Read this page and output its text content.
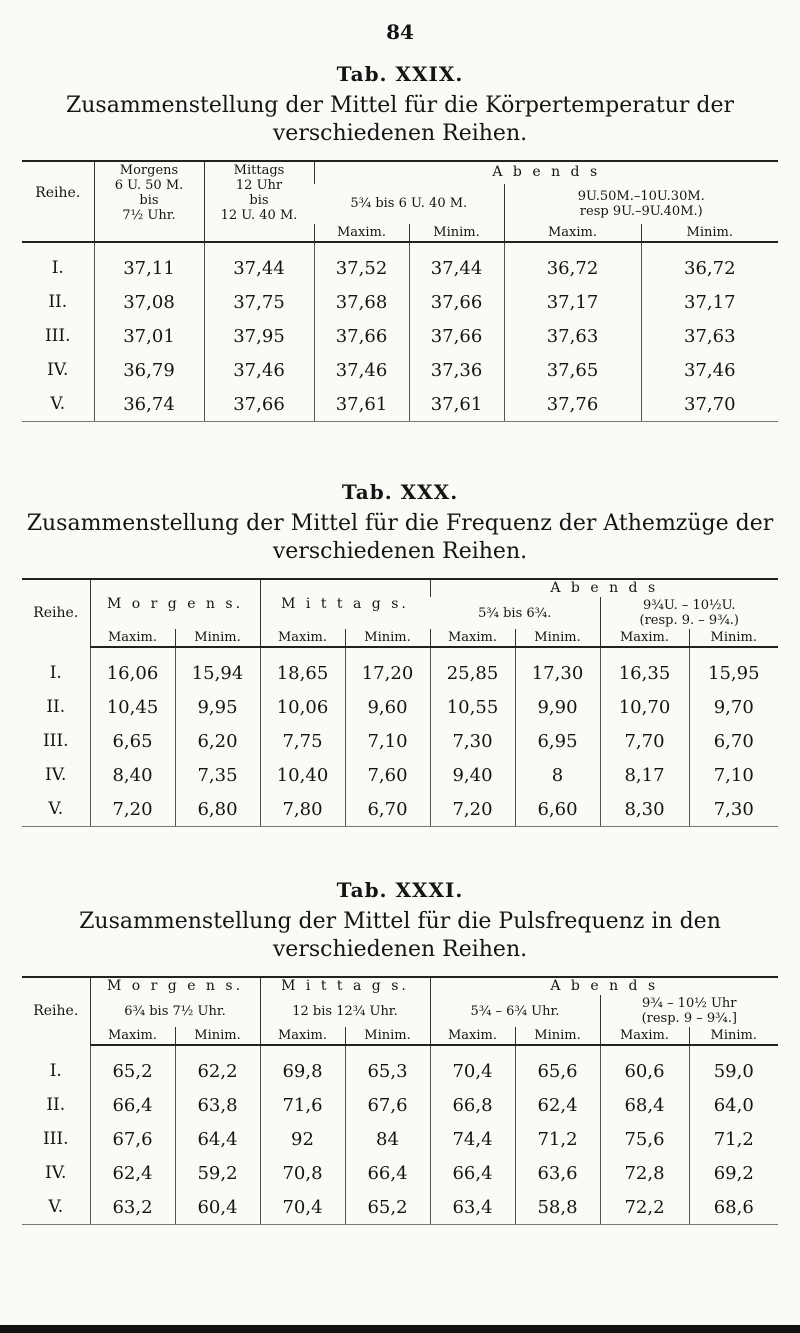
84

Tab. XXIX.

Zusammenstellung der Mittel für die Körpertemperatur der

verschiedenen Reihen.

Reihe.	Morgens
6 U. 50 M.
bis
7½ Uhr.	Mittags
12 Uhr
bis
12 U. 40 M.	A b e n d s			
			5¾ bis 6 U. 40 M.		9U.50M.–10U.30M.
resp 9U.–9U.40M.)	
			Maxim.	Minim.	Maxim.	Minim.
I.	37,11	37,44	37,52	37,44	36,72	36,72
II.	37,08	37,75	37,68	37,66	37,17	37,17
III.	37,01	37,95	37,66	37,66	37,63	37,63
IV.	36,79	37,46	37,46	37,36	37,65	37,46
V.	36,74	37,66	37,61	37,61	37,76	37,70

Tab. XXX.

Zusammenstellung der Mittel für die Frequenz der Athemzüge der

verschiedenen Reihen.

Reihe.	M o r g e n s.		M i t t a g s.		A b e n d s			
					5¾ bis 6¾.		9¾U. – 10½U.
(resp. 9. – 9¾.)	
	Maxim.	Minim.	Maxim.	Minim.	Maxim.	Minim.	Maxim.	Minim.
I.	16,06	15,94	18,65	17,20	25,85	17,30	16,35	15,95
II.	10,45	9,95	10,06	9,60	10,55	9,90	10,70	9,70
III.	6,65	6,20	7,75	7,10	7,30	6,95	7,70	6,70
IV.	8,40	7,35	10,40	7,60	9,40	8	8,17	7,10
V.	7,20	6,80	7,80	6,70	7,20	6,60	8,30	7,30

Tab. XXXI.

Zusammenstellung der Mittel für die Pulsfrequenz in den

verschiedenen Reihen.

Reihe.	M o r g e n s.		M i t t a g s.		A b e n d s			
	6¾ bis 7½ Uhr.		12 bis 12¾ Uhr.		5¾ – 6¾ Uhr.		9¾ – 10½ Uhr
(resp. 9 – 9¾.]	
	Maxim.	Minim.	Maxim.	Minim.	Maxim.	Minim.	Maxim.	Minim.
I.	65,2	62,2	69,8	65,3	70,4	65,6	60,6	59,0
II.	66,4	63,8	71,6	67,6	66,8	62,4	68,4	64,0
III.	67,6	64,4	92	84	74,4	71,2	75,6	71,2
IV.	62,4	59,2	70,8	66,4	66,4	63,6	72,8	69,2
V.	63,2	60,4	70,4	65,2	63,4	58,8	72,2	68,6
